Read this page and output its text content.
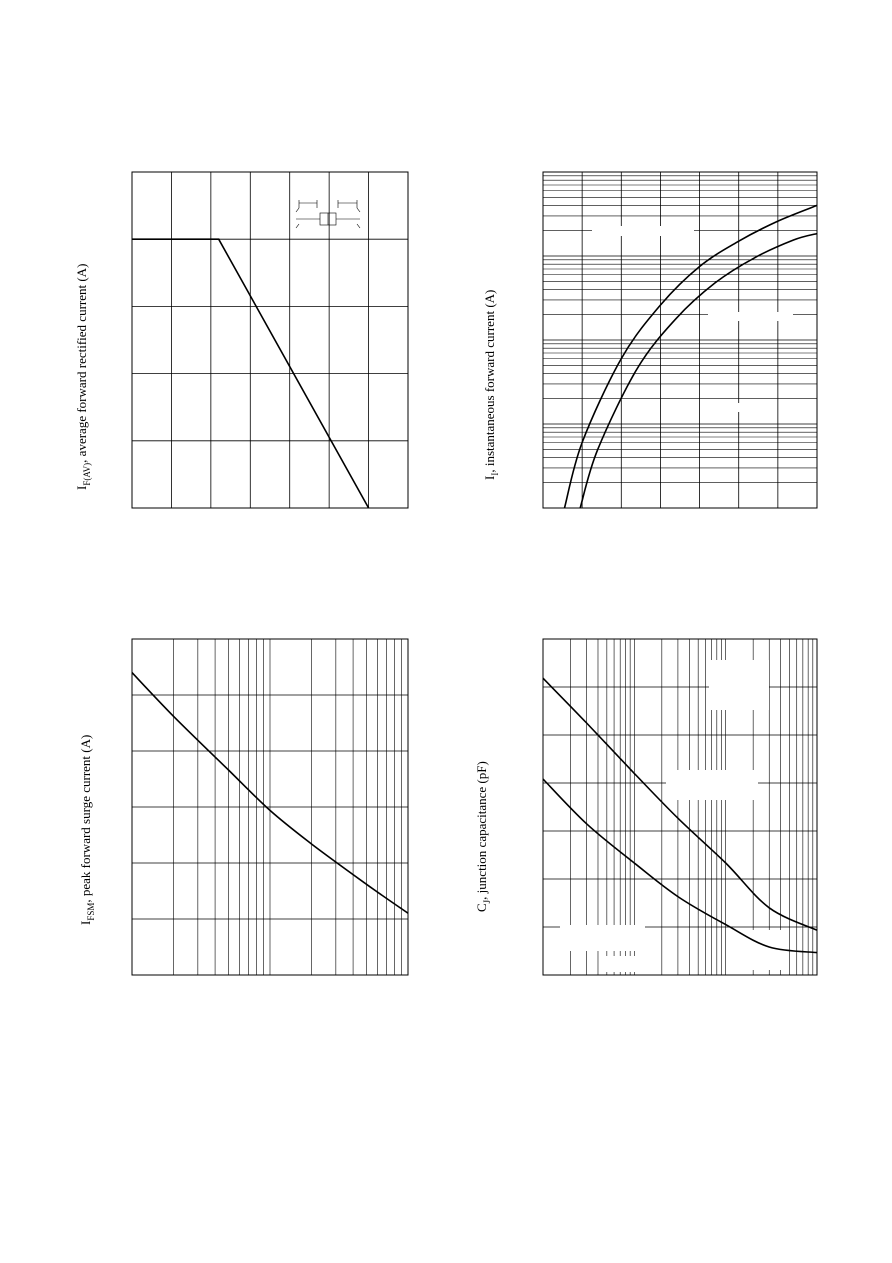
$I_{F(AV)}$, average forward rectified current (A)
$I_I$, instantaneous forward current (A)
$I_{FSM}$, peak forward surge current (A)
$C_J$, junction capacitance (pF)
